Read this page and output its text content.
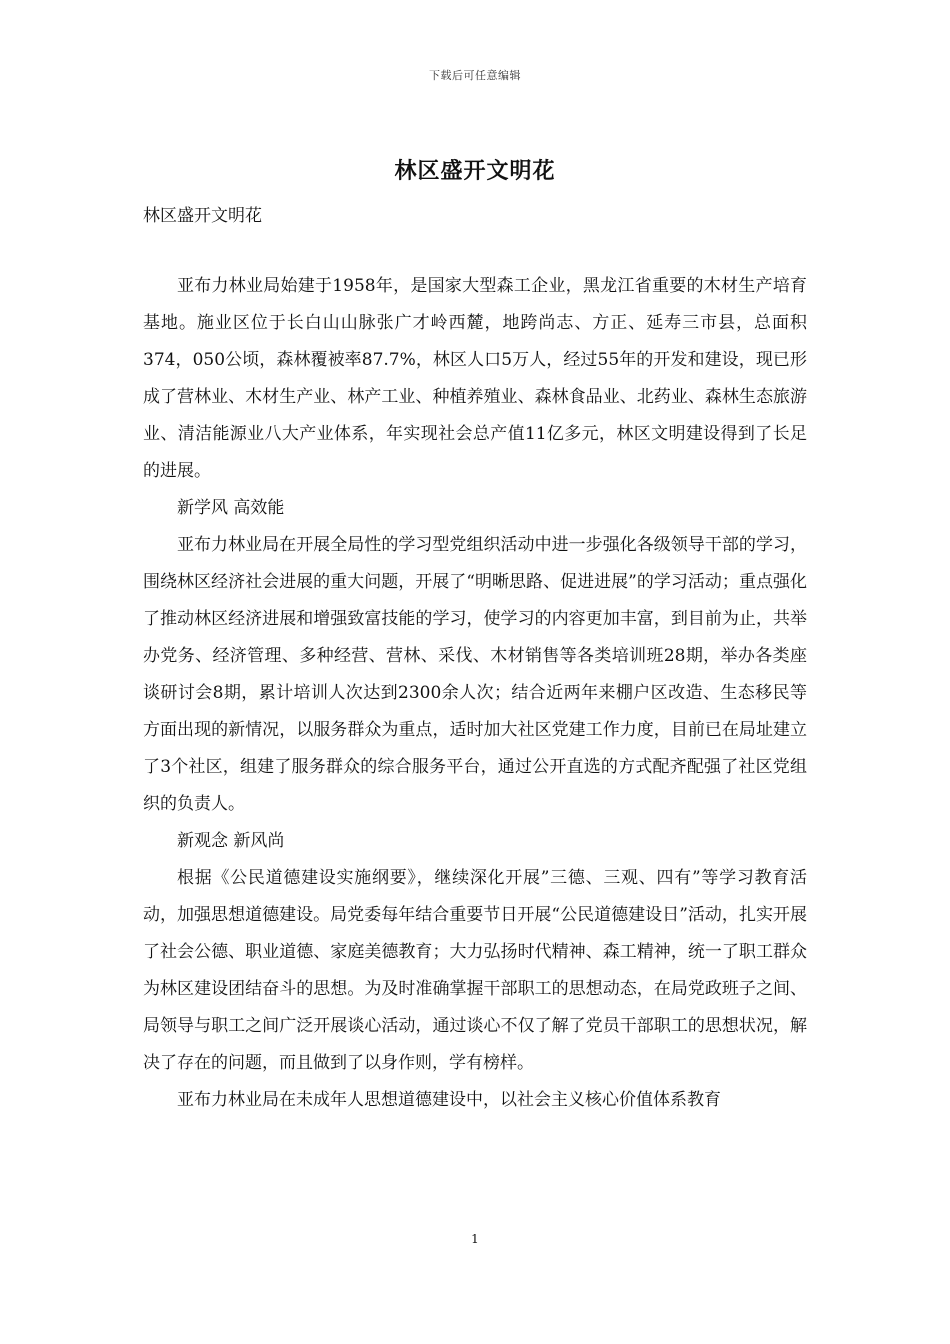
下载后可任意编辑
林区盛开文明花

林区盛开文明花

亚布力林业局始建于1958年，是国家大型森工企业，黑龙江省重要的木材生产培育基地。施业区位于长白山山脉张广才岭西麓，地跨尚志、方正、延寿三市县，总面积374，050公顷，森林覆被率87.7%，林区人口5万人，经过55年的开发和建设，现已形成了营林业、木材生产业、林产工业、种植养殖业、森林食品业、北药业、森林生态旅游业、清洁能源业八大产业体系，年实现社会总产值11亿多元，林区文明建设得到了长足的进展。

新学风 高效能

亚布力林业局在开展全局性的学习型党组织活动中进一步强化各级领导干部的学习，围绕林区经济社会进展的重大问题，开展了“明晰思路、促进进展”的学习活动；重点强化了推动林区经济进展和增强致富技能的学习，使学习的内容更加丰富，到目前为止，共举办党务、经济管理、多种经营、营林、采伐、木材销售等各类培训班28期，举办各类座谈研讨会8期，累计培训人次达到2300余人次；结合近两年来棚户区改造、生态移民等方面出现的新情况，以服务群众为重点，适时加大社区党建工作力度，目前已在局址建立了3个社区，组建了服务群众的综合服务平台，通过公开直选的方式配齐配强了社区党组织的负责人。

新观念 新风尚

根据《公民道德建设实施纲要》，继续深化开展”三德、三观、四有”等学习教育活动，加强思想道德建设。局党委每年结合重要节日开展“公民道德建设日”活动，扎实开展了社会公德、职业道德、家庭美德教育；大力弘扬时代精神、森工精神，统一了职工群众为林区建设团结奋斗的思想。为及时准确掌握干部职工的思想动态，在局党政班子之间、局领导与职工之间广泛开展谈心活动，通过谈心不仅了解了党员干部职工的思想状况，解决了存在的问题，而且做到了以身作则，学有榜样。

亚布力林业局在未成年人思想道德建设中，以社会主义核心价值体系教育

1
